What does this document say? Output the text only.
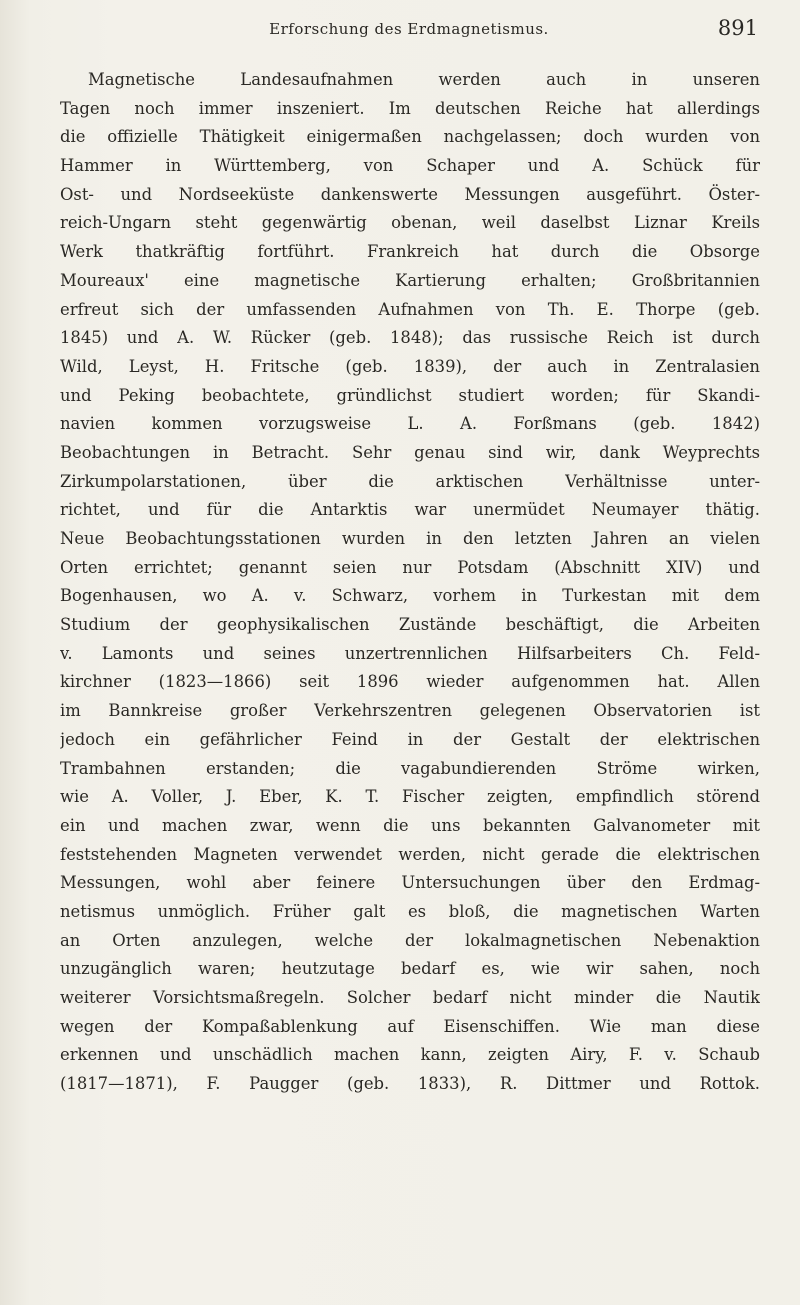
Erforschung des Erdmagnetismus.	891
Magnetische Landesaufnahmen werden auch in unseren
Tagen noch immer inszeniert. Im deutschen Reiche hat allerdings
die offizielle Thätigkeit einigermaßen nachgelassen; doch wurden von
Hammer in Württemberg, von Schaper und A. Schück für
Ost- und Nordseeküste dankenswerte Messungen ausgeführt. Öster-
reich-Ungarn steht gegenwärtig obenan, weil daselbst Liznar Kreils
Werk thatkräftig fortführt. Frankreich hat durch die Obsorge
Moureaux' eine magnetische Kartierung erhalten; Großbritannien
erfreut sich der umfassenden Aufnahmen von Th. E. Thorpe (geb.
1845) und A. W. Rücker (geb. 1848); das russische Reich ist durch
Wild, Leyst, H. Fritsche (geb. 1839), der auch in Zentralasien
und Peking beobachtete, gründlichst studiert worden; für Skandi-
navien kommen vorzugsweise L. A. Forßmans (geb. 1842)
Beobachtungen in Betracht. Sehr genau sind wir, dank Weyprechts
Zirkumpolarstationen, über die arktischen Verhältnisse unter-
richtet, und für die Antarktis war unermüdet Neumayer thätig.
Neue Beobachtungsstationen wurden in den letzten Jahren an vielen
Orten errichtet; genannt seien nur Potsdam (Abschnitt XIV) und
Bogenhausen, wo A. v. Schwarz, vorhem in Turkestan mit dem
Studium der geophysikalischen Zustände beschäftigt, die Arbeiten
v. Lamonts und seines unzertrennlichen Hilfsarbeiters Ch. Feld-
kirchner (1823—1866) seit 1896 wieder aufgenommen hat. Allen
im Bannkreise großer Verkehrszentren gelegenen Observatorien ist
jedoch ein gefährlicher Feind in der Gestalt der elektrischen
Trambahnen erstanden; die vagabundierenden Ströme wirken,
wie A. Voller, J. Eber, K. T. Fischer zeigten, empfindlich störend
ein und machen zwar, wenn die uns bekannten Galvanometer mit
feststehenden Magneten verwendet werden, nicht gerade die elektrischen
Messungen, wohl aber feinere Untersuchungen über den Erdmag-
netismus unmöglich. Früher galt es bloß, die magnetischen Warten
an Orten anzulegen, welche der lokalmagnetischen Nebenaktion
unzugänglich waren; heutzutage bedarf es, wie wir sahen, noch
weiterer Vorsichtsmaßregeln. Solcher bedarf nicht minder die Nautik
wegen der Kompaßablenkung auf Eisenschiffen. Wie man diese
erkennen und unschädlich machen kann, zeigten Airy, F. v. Schaub
(1817—1871), F. Paugger (geb. 1833), R. Dittmer und Rottok.
